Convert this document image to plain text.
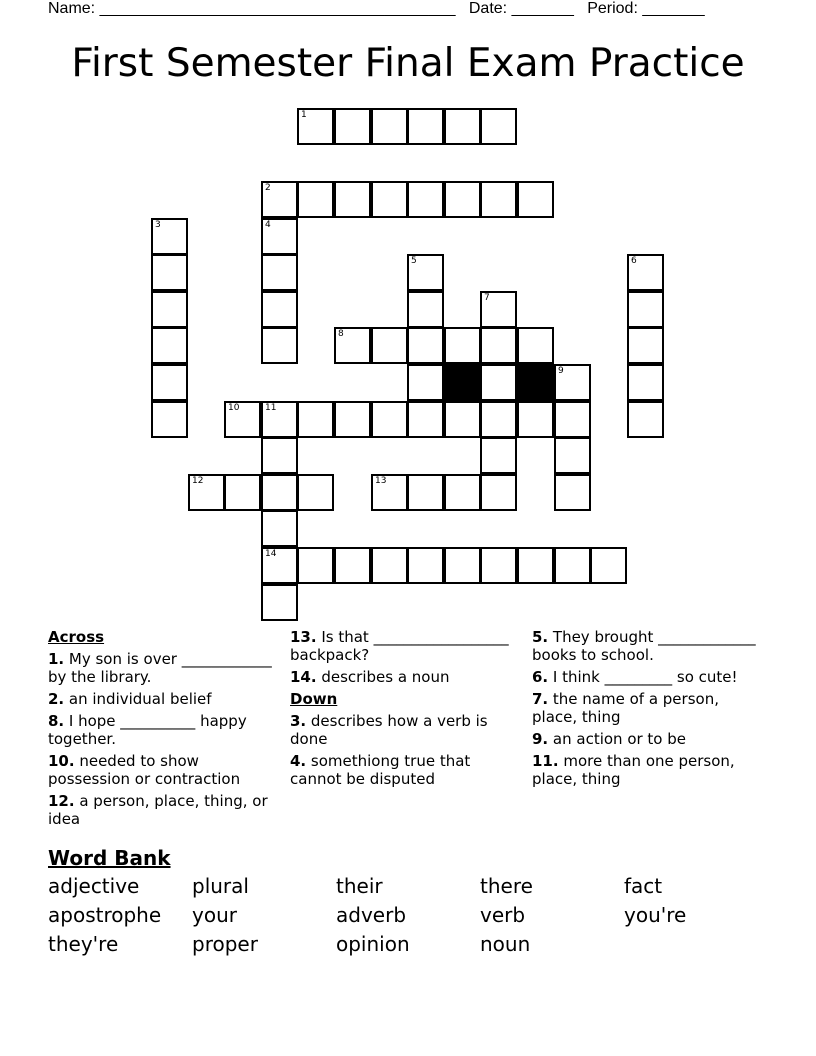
Name: ________________________________________ Date: _______ Period: _______
First Semester Final Exam Practice
1
2
3	4
5	6
7
8
9
10	11
12	13
14
Across
1. My son is over ____________ by the library.
2. an individual belief
8. I hope __________ happy together.
10. needed to show possession or contraction
12. a person, place, thing, or idea
13. Is that __________________ backpack?
14. describes a noun
Down
3. describes how a verb is done
4. somethiong true that cannot be disputed
5. They brought _____________ books to school.
6. I think _________ so cute!
7. the name of a person, place, thing
9. an action or to be
11. more than one person, place, thing
Word Bank
adjective	plural	their	there	fact
apostrophe	your	adverb	verb	you're
they're	proper	opinion	noun
